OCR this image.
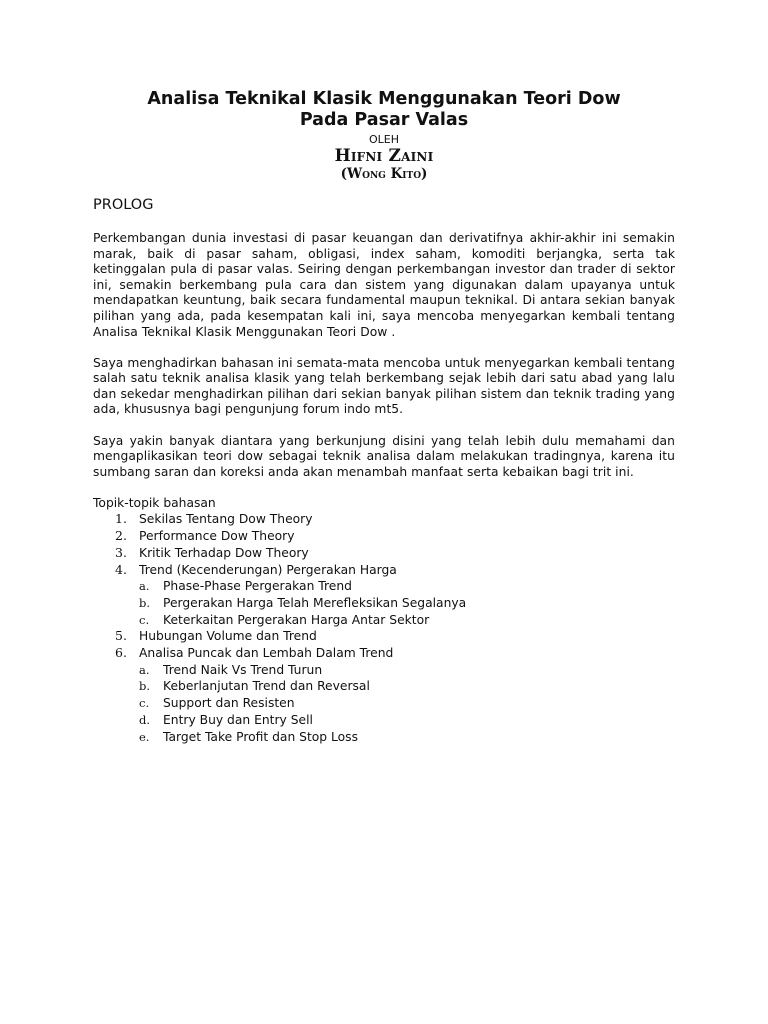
Analisa Teknikal Klasik Menggunakan Teori Dow
Pada Pasar Valas
OLEH
Hifni Zaini
(Wong Kito)
PROLOG

Perkembangan dunia investasi di pasar keuangan dan derivatifnya akhir-akhir ini semakin marak, baik di pasar saham, obligasi, index saham, komoditi berjangka, serta tak ketinggalan pula di pasar valas. Seiring dengan perkembangan investor dan trader di sektor ini, semakin berkembang pula cara dan sistem yang digunakan dalam upayanya untuk mendapatkan keuntung, baik secara fundamental maupun teknikal. Di antara sekian banyak pilihan yang ada, pada kesempatan kali ini, saya mencoba menyegarkan kembali tentang Analisa Teknikal Klasik Menggunakan Teori Dow .

Saya menghadirkan bahasan ini semata-mata mencoba untuk menyegarkan kembali tentang salah satu teknik analisa klasik yang telah berkembang sejak lebih dari satu abad yang lalu dan sekedar menghadirkan pilihan dari sekian banyak pilihan sistem dan teknik trading yang ada, khususnya bagi pengunjung forum indo mt5.

Saya yakin banyak diantara yang berkunjung disini yang telah lebih dulu memahami dan mengaplikasikan teori dow sebagai teknik analisa dalam melakukan tradingnya, karena itu sumbang saran dan koreksi anda akan menambah manfaat serta kebaikan bagi trit ini.

Topik-topik bahasan
1. Sekilas Tentang Dow Theory
2. Performance Dow Theory
3. Kritik Terhadap Dow Theory
4. Trend (Kecenderungan) Pergerakan Harga
a. Phase-Phase Pergerakan Trend
b. Pergerakan Harga Telah Merefleksikan Segalanya
c. Keterkaitan Pergerakan Harga Antar Sektor
5. Hubungan Volume dan Trend
6. Analisa Puncak dan Lembah Dalam Trend
a. Trend Naik Vs Trend Turun
b. Keberlanjutan Trend dan Reversal
c. Support dan Resisten
d. Entry Buy dan Entry Sell
e. Target Take Profit dan Stop Loss
